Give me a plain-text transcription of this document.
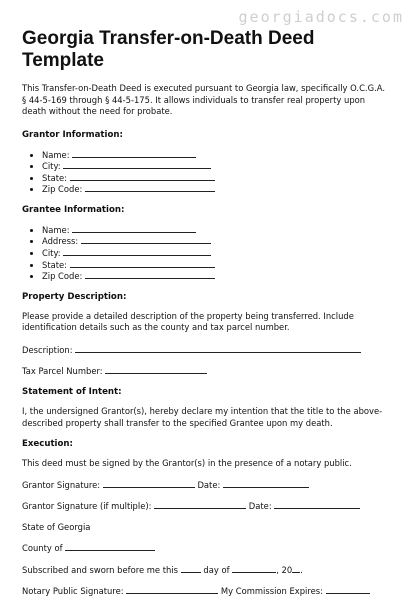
georgiadocs.com
Georgia Transfer-on-Death Deed Template

This Transfer-on-Death Deed is executed pursuant to Georgia law, specifically O.C.G.A. § 44-5-169 through § 44-5-175. It allows individuals to transfer real property upon death without the need for probate.

Grantor Information:
• Name:
• City:
• State:
• Zip Code:
Grantee Information:
• Name:
• Address:
• City:
• State:
• Zip Code:
Property Description:

Please provide a detailed description of the property being transferred. Include identification details such as the county and tax parcel number.

Description:
Tax Parcel Number:
Statement of Intent:

I, the undersigned Grantor(s), hereby declare my intention that the title to the above-described property shall transfer to the specified Grantee upon my death.

Execution:

This deed must be signed by the Grantor(s) in the presence of a notary public.

Grantor Signature:	Date:
Grantor Signature (if multiple):	Date:
State of Georgia
County of
Subscribed and sworn before me this	day of	, 20 .
Notary Public Signature:	My Commission Expires:
